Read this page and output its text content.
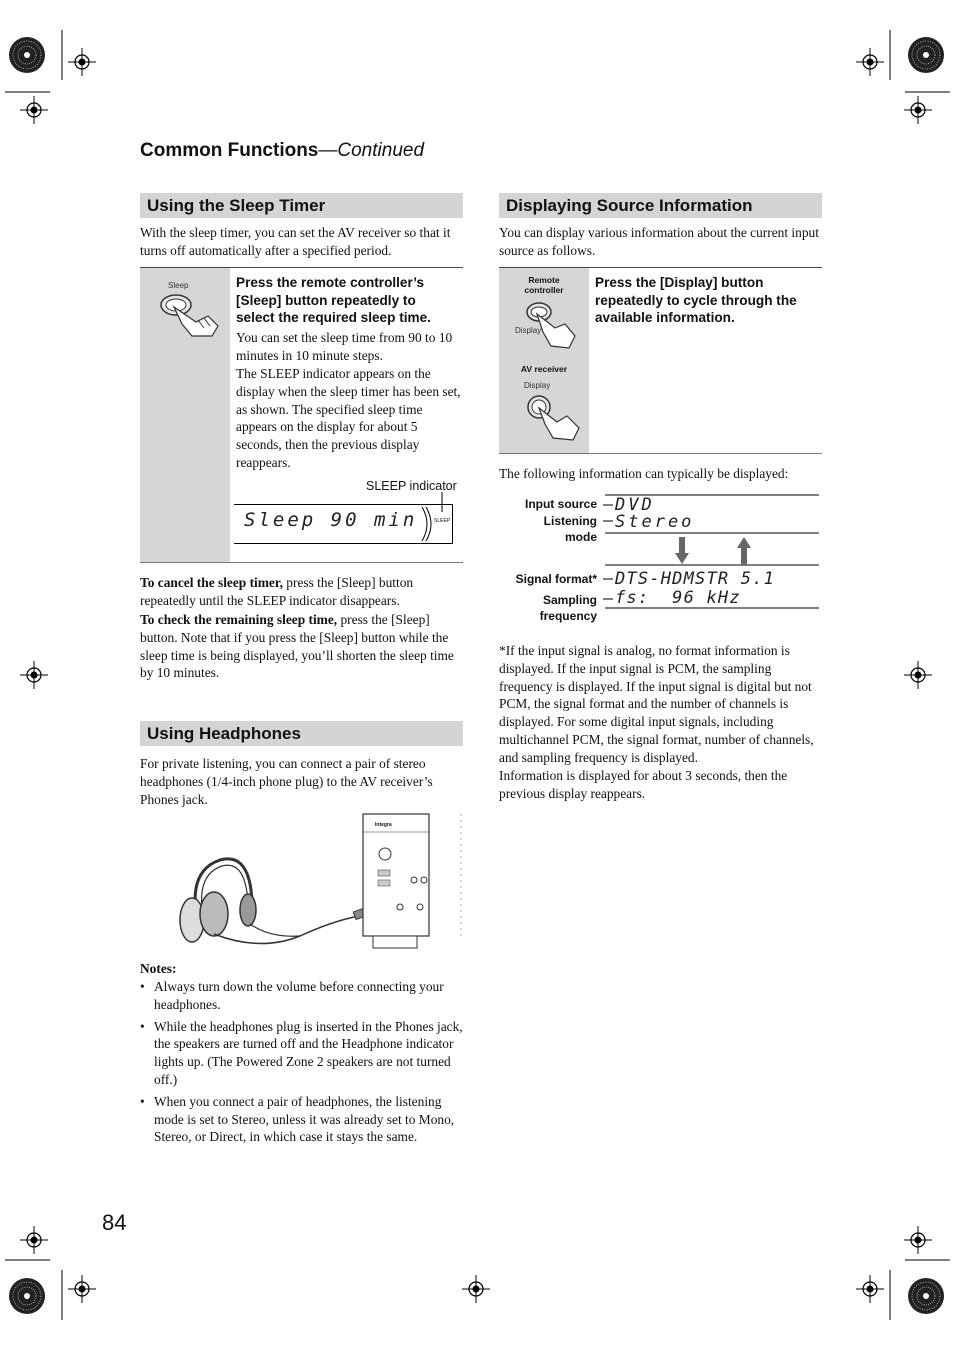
Common Functions—Continued
Using the Sleep Timer
With the sleep timer, you can set the AV receiver so that it turns off automatically after a specified period.
Sleep	Press the remote controller’s [Sleep] button repeatedly to select the required sleep time.
You can set the sleep time from 90 to 10 minutes in 10 minute steps.
The SLEEP indicator appears on the display when the sleep timer has been set, as shown. The specified sleep time appears on the display for about 5 seconds, then the previous display reappears.
SLEEP indicator
Sleep 90 min	SLEEP
To cancel the sleep timer, press the [Sleep] button repeatedly until the SLEEP indicator disappears.
To check the remaining sleep time, press the [Sleep] button. Note that if you press the [Sleep] button while the sleep time is being displayed, you’ll shorten the sleep time by 10 minutes.
Using Headphones
For private listening, you can connect a pair of stereo headphones (1/4-inch phone plug) to the AV receiver’s Phones jack.
Integra
Notes:
• Always turn down the volume before connecting your headphones.
• While the headphones plug is inserted in the Phones jack, the speakers are turned off and the Headphone indicator lights up. (The Powered Zone 2 speakers are not turned off.)
• When you connect a pair of headphones, the listening mode is set to Stereo, unless it was already set to Mono, Stereo, or Direct, in which case it stays the same.
Displaying Source Information
You can display various information about the current input source as follows.
Remote controller
Display
AV receiver
Display
Press the [Display] button repeatedly to cycle through the available information.
The following information can typically be displayed:
Input source
Listening mode
Signal format*
Sampling frequency
DVD
Stereo
DTS-HDMSTR 5.1
fs:  96 kHz
*If the input signal is analog, no format information is displayed. If the input signal is PCM, the sampling frequency is displayed. If the input signal is digital but not PCM, the signal format and the number of channels is displayed. For some digital input signals, including multichannel PCM, the signal format, number of channels, and sampling frequency is displayed.
Information is displayed for about 3 seconds, then the previous display reappears.
84
